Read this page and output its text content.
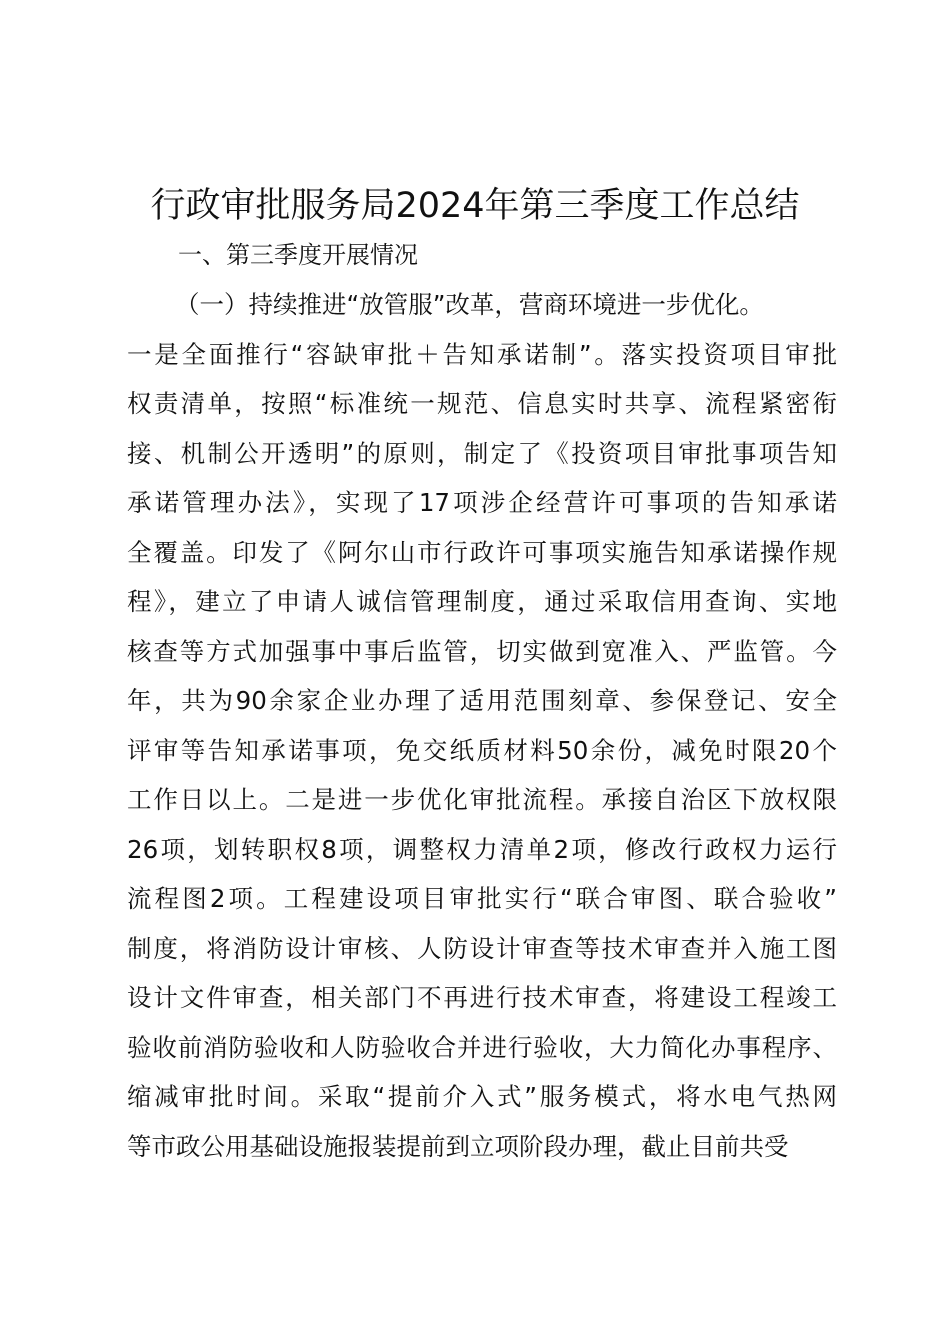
行政审批服务局2024年第三季度工作总结
一、第三季度开展情况
（一）持续推进“放管服”改革，营商环境进一步优化。
一是全面推行“容缺审批＋告知承诺制”。落实投资项目审批
权责清单，按照“标准统一规范、信息实时共享、流程紧密衔
接、机制公开透明”的原则，制定了《投资项目审批事项告知
承诺管理办法》，实现了17项涉企经营许可事项的告知承诺
全覆盖。印发了《阿尔山市行政许可事项实施告知承诺操作规
程》，建立了申请人诚信管理制度，通过采取信用查询、实地
核查等方式加强事中事后监管，切实做到宽准入、严监管。今
年，共为90余家企业办理了适用范围刻章、参保登记、安全
评审等告知承诺事项，免交纸质材料50余份，减免时限20个
工作日以上。二是进一步优化审批流程。承接自治区下放权限
26项，划转职权8项，调整权力清单2项，修改行政权力运行
流程图2项。工程建设项目审批实行“联合审图、联合验收”
制度，将消防设计审核、人防设计审查等技术审查并入施工图
设计文件审查，相关部门不再进行技术审查，将建设工程竣工
验收前消防验收和人防验收合并进行验收，大力简化办事程序、
缩减审批时间。采取“提前介入式”服务模式，将水电气热网
等市政公用基础设施报装提前到立项阶段办理，截止目前共受
